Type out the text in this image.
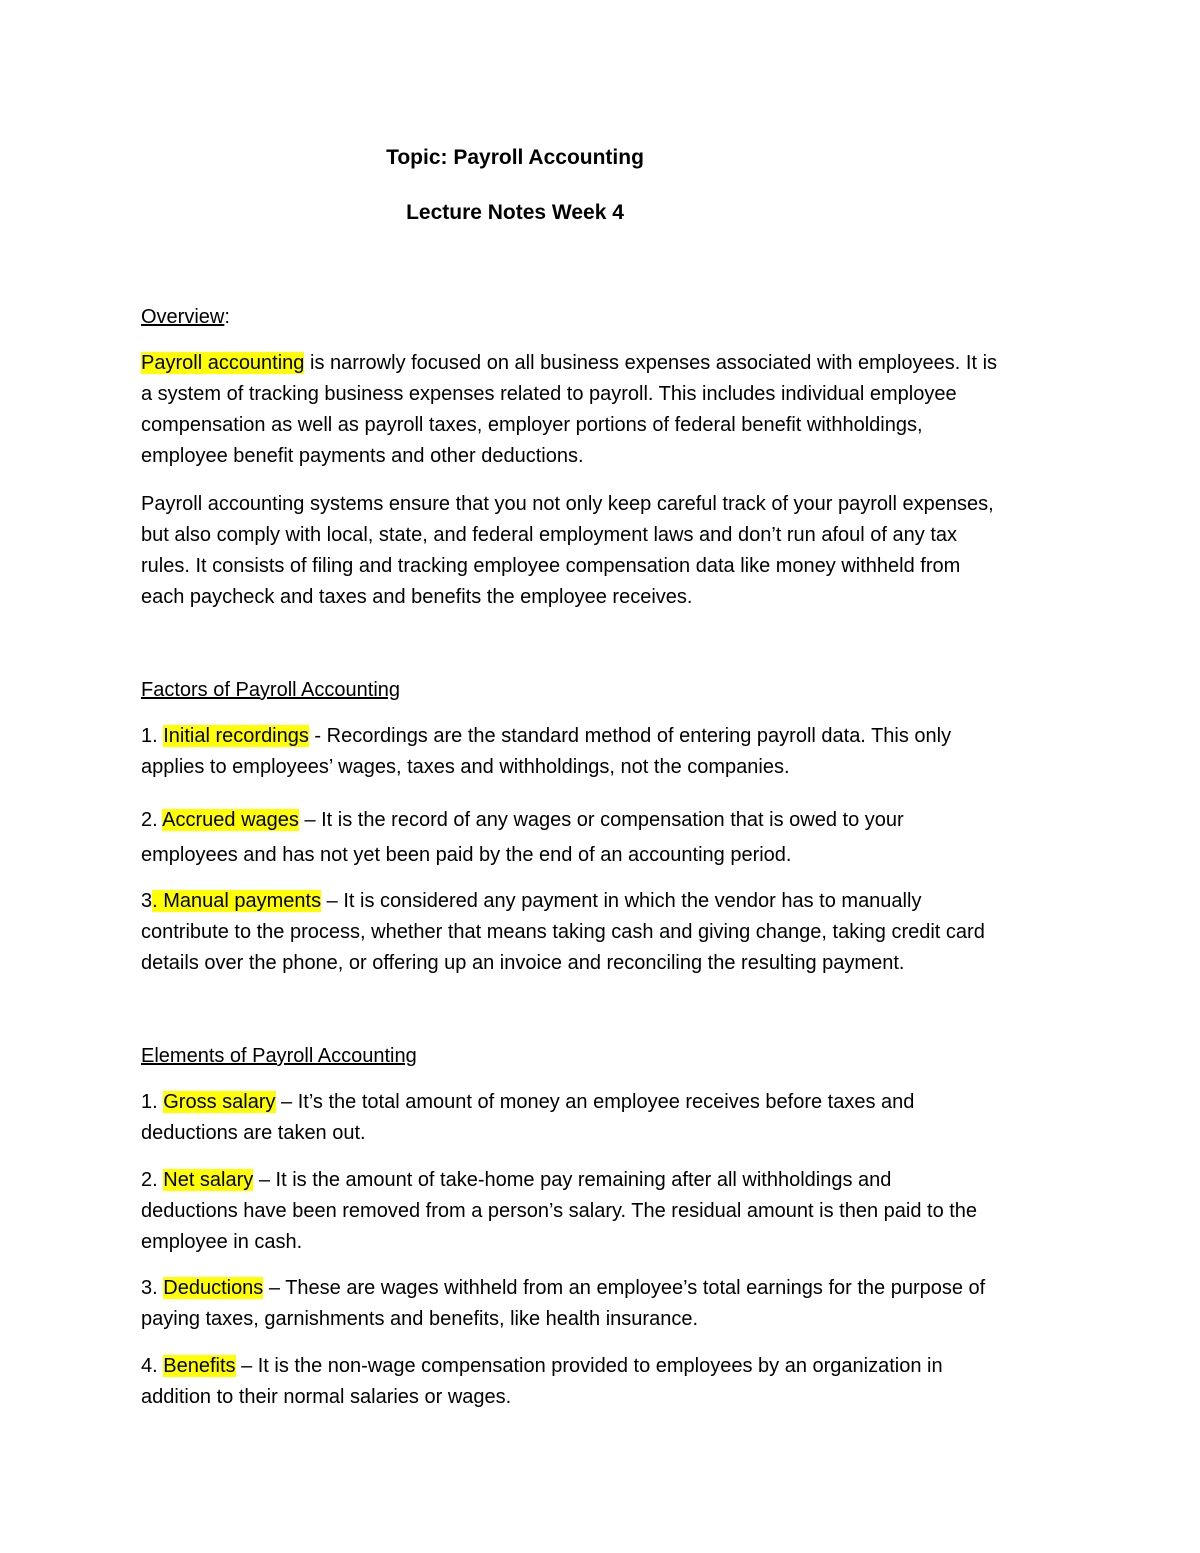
Topic: Payroll Accounting
Lecture Notes Week 4
Overview:

Payroll accounting is narrowly focused on all business expenses associated with employees. It is

a system of tracking business expenses related to payroll. This includes individual employee

compensation as well as payroll taxes, employer portions of federal benefit withholdings,

employee benefit payments and other deductions.

Payroll accounting systems ensure that you not only keep careful track of your payroll expenses,

but also comply with local, state, and federal employment laws and don’t run afoul of any tax

rules. It consists of filing and tracking employee compensation data like money withheld from

each paycheck and taxes and benefits the employee receives.

Factors of Payroll Accounting

1. Initial recordings - Recordings are the standard method of entering payroll data. This only

applies to employees’ wages, taxes and withholdings, not the companies.

2. Accrued wages – It is the record of any wages or compensation that is owed to your

employees and has not yet been paid by the end of an accounting period.

3. Manual payments – It is considered any payment in which the vendor has to manually

contribute to the process, whether that means taking cash and giving change, taking credit card

details over the phone, or offering up an invoice and reconciling the resulting payment.

Elements of Payroll Accounting

1. Gross salary – It’s the total amount of money an employee receives before taxes and

deductions are taken out.

2. Net salary – It is the amount of take-home pay remaining after all withholdings and

deductions have been removed from a person’s salary. The residual amount is then paid to the

employee in cash.

3. Deductions – These are wages withheld from an employee’s total earnings for the purpose of

paying taxes, garnishments and benefits, like health insurance.

4. Benefits – It is the non-wage compensation provided to employees by an organization in

addition to their normal salaries or wages.
